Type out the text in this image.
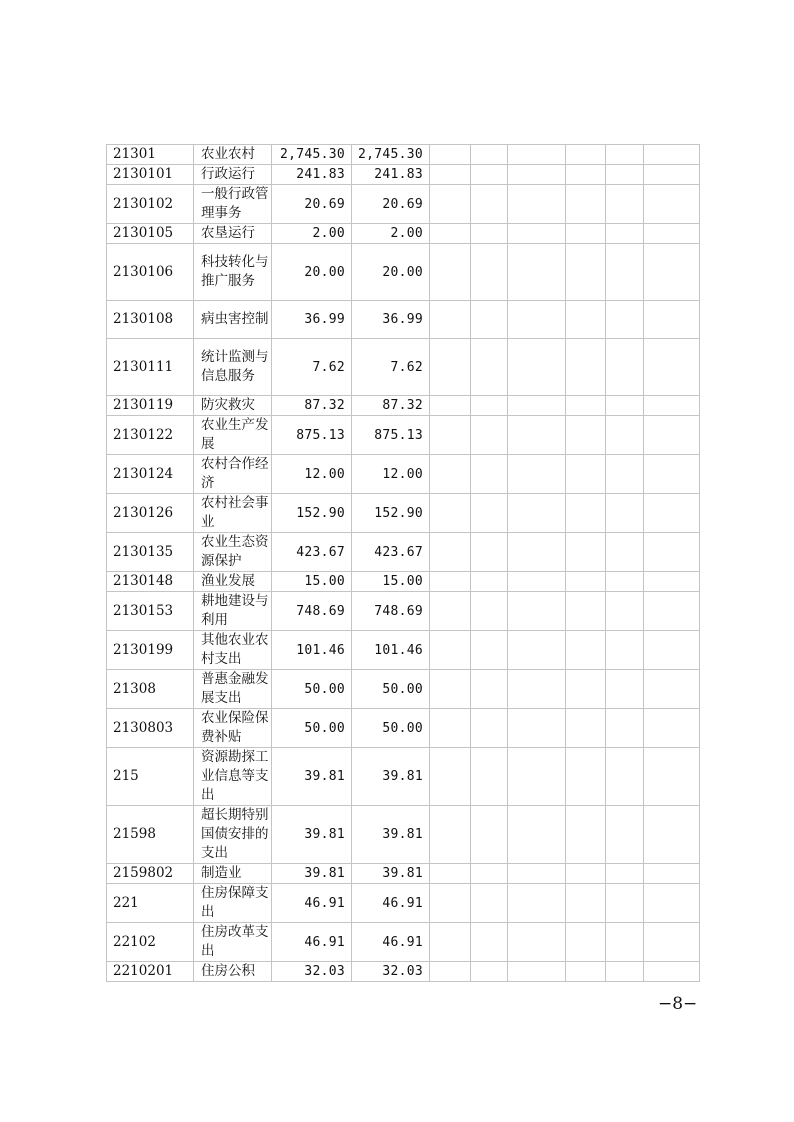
21301	农业农村	2,745.30	2,745.30						
2130101	行政运行	241.83	241.83						
2130102	一般行政管理事务	20.69	20.69						
2130105	农垦运行	2.00	2.00						
2130106	科技转化与推广服务	20.00	20.00						
2130108	病虫害控制	36.99	36.99						
2130111	统计监测与信息服务	7.62	7.62						
2130119	防灾救灾	87.32	87.32						
2130122	农业生产发展	875.13	875.13						
2130124	农村合作经济	12.00	12.00						
2130126	农村社会事业	152.90	152.90						
2130135	农业生态资源保护	423.67	423.67						
2130148	渔业发展	15.00	15.00						
2130153	耕地建设与利用	748.69	748.69						
2130199	其他农业农村支出	101.46	101.46						
21308	普惠金融发展支出	50.00	50.00						
2130803	农业保险保费补贴	50.00	50.00						
215	资源勘探工业信息等支出	39.81	39.81						
21598	超长期特别国债安排的支出	39.81	39.81						
2159802	制造业	39.81	39.81						
221	住房保障支出	46.91	46.91						
22102	住房改革支出	46.91	46.91						
2210201	住房公积	32.03	32.03						
−8−
